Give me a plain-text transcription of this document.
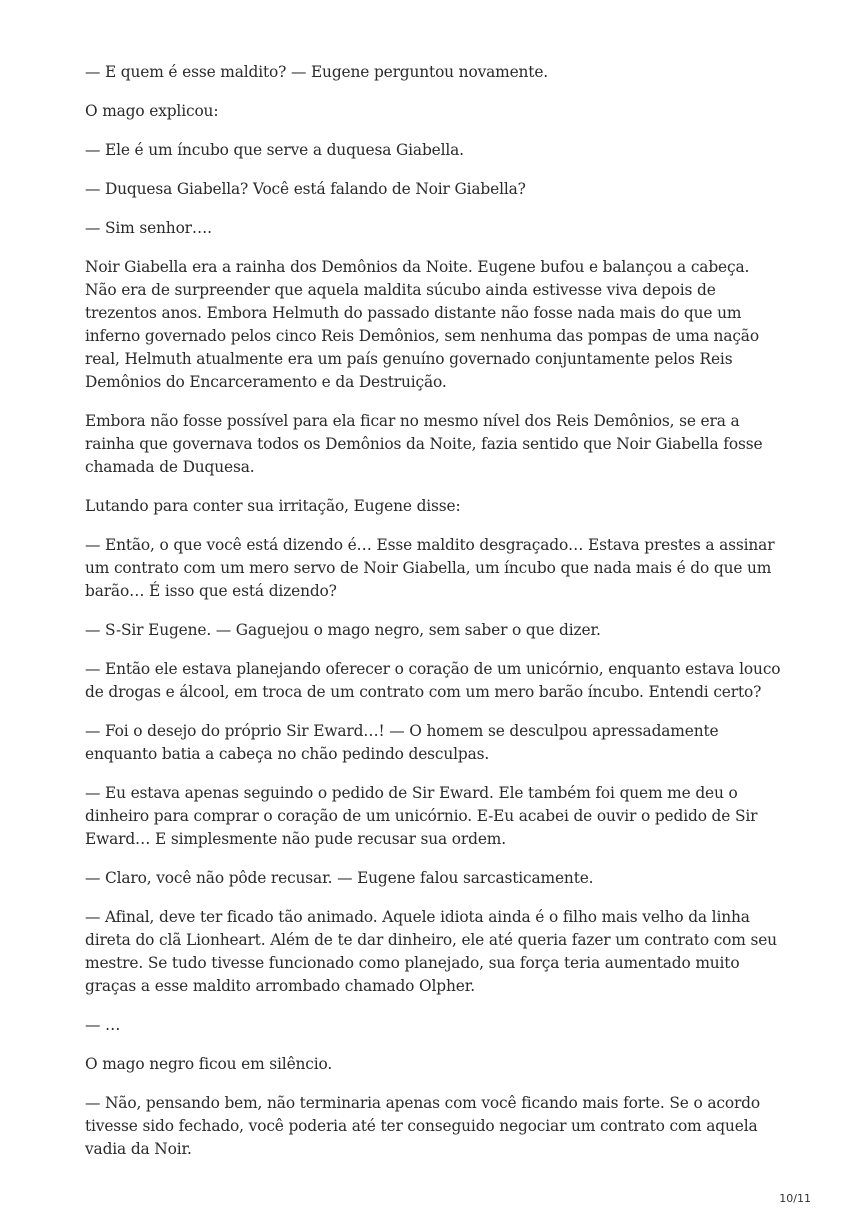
— E quem é esse maldito? — Eugene perguntou novamente.

O mago explicou:

— Ele é um íncubo que serve a duquesa Giabella.

— Duquesa Giabella? Você está falando de Noir Giabella?

— Sim senhor….

Noir Giabella era a rainha dos Demônios da Noite. Eugene bufou e balançou a cabeça. Não era de surpreender que aquela maldita súcubo ainda estivesse viva depois de trezentos anos. Embora Helmuth do passado distante não fosse nada mais do que um inferno governado pelos cinco Reis Demônios, sem nenhuma das pompas de uma nação real, Helmuth atualmente era um país genuíno governado conjuntamente pelos Reis Demônios do Encarceramento e da Destruição.

Embora não fosse possível para ela ficar no mesmo nível dos Reis Demônios, se era a rainha que governava todos os Demônios da Noite, fazia sentido que Noir Giabella fosse chamada de Duquesa.

Lutando para conter sua irritação, Eugene disse:

— Então, o que você está dizendo é… Esse maldito desgraçado… Estava prestes a assinar um contrato com um mero servo de Noir Giabella, um íncubo que nada mais é do que um barão… É isso que está dizendo?

— S-Sir Eugene. — Gaguejou o mago negro, sem saber o que dizer.

— Então ele estava planejando oferecer o coração de um unicórnio, enquanto estava louco de drogas e álcool, em troca de um contrato com um mero barão íncubo. Entendi certo?

— Foi o desejo do próprio Sir Eward…! — O homem se desculpou apressadamente enquanto batia a cabeça no chão pedindo desculpas.

— Eu estava apenas seguindo o pedido de Sir Eward. Ele também foi quem me deu o dinheiro para comprar o coração de um unicórnio. E-Eu acabei de ouvir o pedido de Sir Eward… E simplesmente não pude recusar sua ordem.

— Claro, você não pôde recusar. — Eugene falou sarcasticamente.

— Afinal, deve ter ficado tão animado. Aquele idiota ainda é o filho mais velho da linha direta do clã Lionheart. Além de te dar dinheiro, ele até queria fazer um contrato com seu mestre. Se tudo tivesse funcionado como planejado, sua força teria aumentado muito graças a esse maldito arrombado chamado Olpher.

— …

O mago negro ficou em silêncio.

— Não, pensando bem, não terminaria apenas com você ficando mais forte. Se o acordo tivesse sido fechado, você poderia até ter conseguido negociar um contrato com aquela vadia da Noir.

10/11
